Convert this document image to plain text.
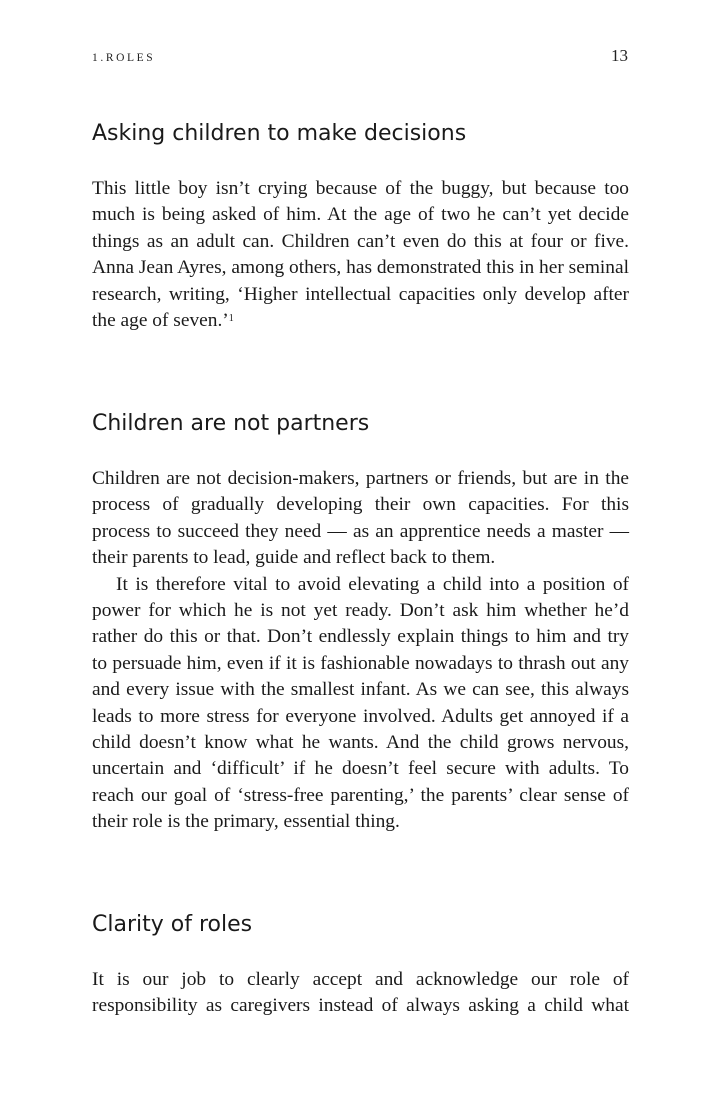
1.ROLES	13
Asking children to make decisions

This little boy isn’t crying because of the buggy, but because too much is being asked of him. At the age of two he can’t yet decide things as an adult can. Children can’t even do this at four or five. Anna Jean Ayres, among others, has demonstrated this in her seminal research, writing, ‘Higher intellectual capacities only develop after the age of seven.’$^1$

Children are not partners

Children are not decision-makers, partners or friends, but are in the process of gradually developing their own capacities. For this process to succeed they need — as an apprentice needs a master — their parents to lead, guide and reflect back to them.

It is therefore vital to avoid elevating a child into a position of power for which he is not yet ready. Don’t ask him whether he’d rather do this or that. Don’t endlessly explain things to him and try to persuade him, even if it is fashionable nowadays to thrash out any and every issue with the smallest infant. As we can see, this always leads to more stress for everyone involved. Adults get annoyed if a child doesn’t know what he wants. And the child grows nervous, uncertain and ‘difficult’ if he doesn’t feel secure with adults. To reach our goal of ‘stress-free parenting,’ the parents’ clear sense of their role is the primary, essential thing.

Clarity of roles

It is our job to clearly accept and acknowledge our role of responsibility as caregivers instead of always asking a child what
